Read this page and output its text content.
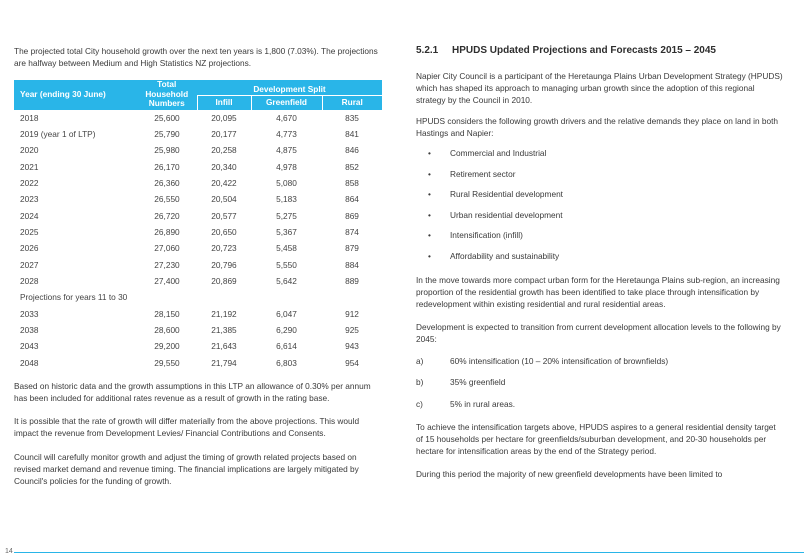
The projected total City household growth over the next ten years is 1,800 (7.03%). The projections are halfway between Medium and High Statistics NZ projections.

Year (ending 30 June)	Total Household Numbers	Development Split		
		Infill	Greenfield	Rural
2018	25,600	20,095	4,670	835
2019 (year 1 of LTP)	25,790	20,177	4,773	841
2020	25,980	20,258	4,875	846
2021	26,170	20,340	4,978	852
2022	26,360	20,422	5,080	858
2023	26,550	20,504	5,183	864
2024	26,720	20,577	5,275	869
2025	26,890	20,650	5,367	874
2026	27,060	20,723	5,458	879
2027	27,230	20,796	5,550	884
2028	27,400	20,869	5,642	889
Projections for years 11 to 30				
2033	28,150	21,192	6,047	912
2038	28,600	21,385	6,290	925
2043	29,200	21,643	6,614	943
2048	29,550	21,794	6,803	954

Based on historic data and the growth assumptions in this LTP an allowance of 0.30% per annum has been included for additional rates revenue as a result of growth in the rating base.

It is possible that the rate of growth will differ materially from the above projections. This would impact the revenue from Development Levies/ Financial Contributions and Consents.

Council will carefully monitor growth and adjust the timing of growth related projects based on revised market demand and revenue timing. The financial implications are largely mitigated by Council's policies for the funding of growth.

5.2.1 HPUDS Updated Projections and Forecasts 2015 – 2045

Napier City Council is a participant of the Heretaunga Plains Urban Development Strategy (HPUDS) which has shaped its approach to managing urban growth since the adoption of this regional strategy by the Council in 2010.

HPUDS considers the following growth drivers and the relative demands they place on land in both Hastings and Napier:

• Commercial and Industrial
• Retirement sector
• Rural Residential development
• Urban residential development
• Intensification (infill)
• Affordability and sustainability

In the move towards more compact urban form for the Heretaunga Plains sub-region, an increasing proportion of the residential growth has been identified to take place through intensification by redevelopment within existing residential and rural residential areas.

Development is expected to transition from current development allocation levels to the following by 2045:

a)	60% intensification (10 – 20% intensification of brownfields)
b)	35% greenfield
c)	5% in rural areas.

To achieve the intensification targets above, HPUDS aspires to a general residential density target of 15 households per hectare for greenfields/suburban development, and 20-30 households per hectare for intensification areas by the end of the Strategy period.

During this period the majority of new greenfield developments have been limited to

14
